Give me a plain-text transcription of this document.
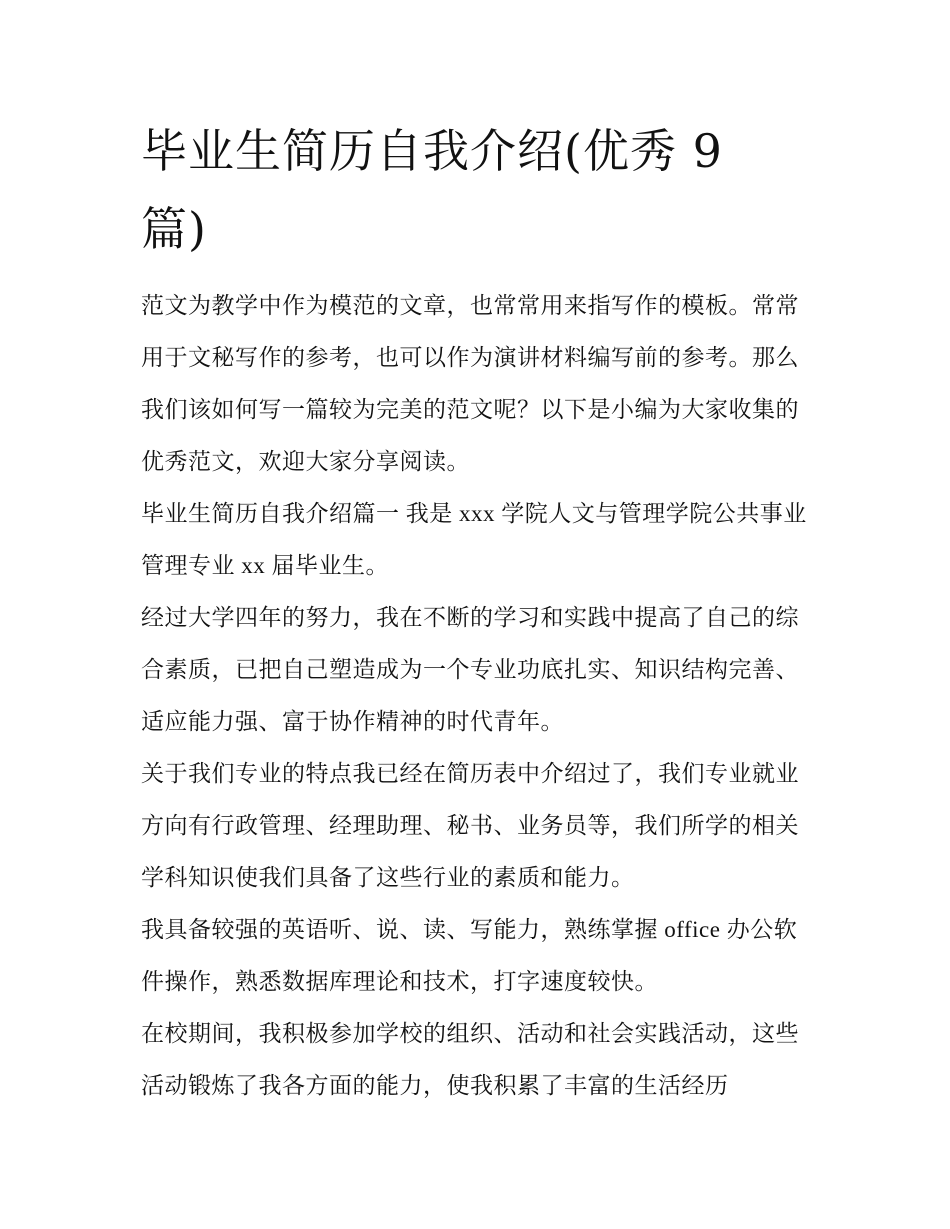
毕业生简历自我介绍(优秀 9 篇)

范文为教学中作为模范的文章，也常常用来指写作的模板。常常用于文秘写作的参考，也可以作为演讲材料编写前的参考。那么我们该如何写一篇较为完美的范文呢？以下是小编为大家收集的优秀范文，欢迎大家分享阅读。

毕业生简历自我介绍篇一 我是 xxx 学院人文与管理学院公共事业管理专业 xx 届毕业生。

经过大学四年的努力，我在不断的学习和实践中提高了自己的综合素质，已把自己塑造成为一个专业功底扎实、知识结构完善、适应能力强、富于协作精神的时代青年。

关于我们专业的特点我已经在简历表中介绍过了，我们专业就业方向有行政管理、经理助理、秘书、业务员等，我们所学的相关学科知识使我们具备了这些行业的素质和能力。

我具备较强的英语听、说、读、写能力，熟练掌握 office 办公软件操作，熟悉数据库理论和技术，打字速度较快。

在校期间，我积极参加学校的组织、活动和社会实践活动，这些活动锻炼了我各方面的能力，使我积累了丰富的生活经历
